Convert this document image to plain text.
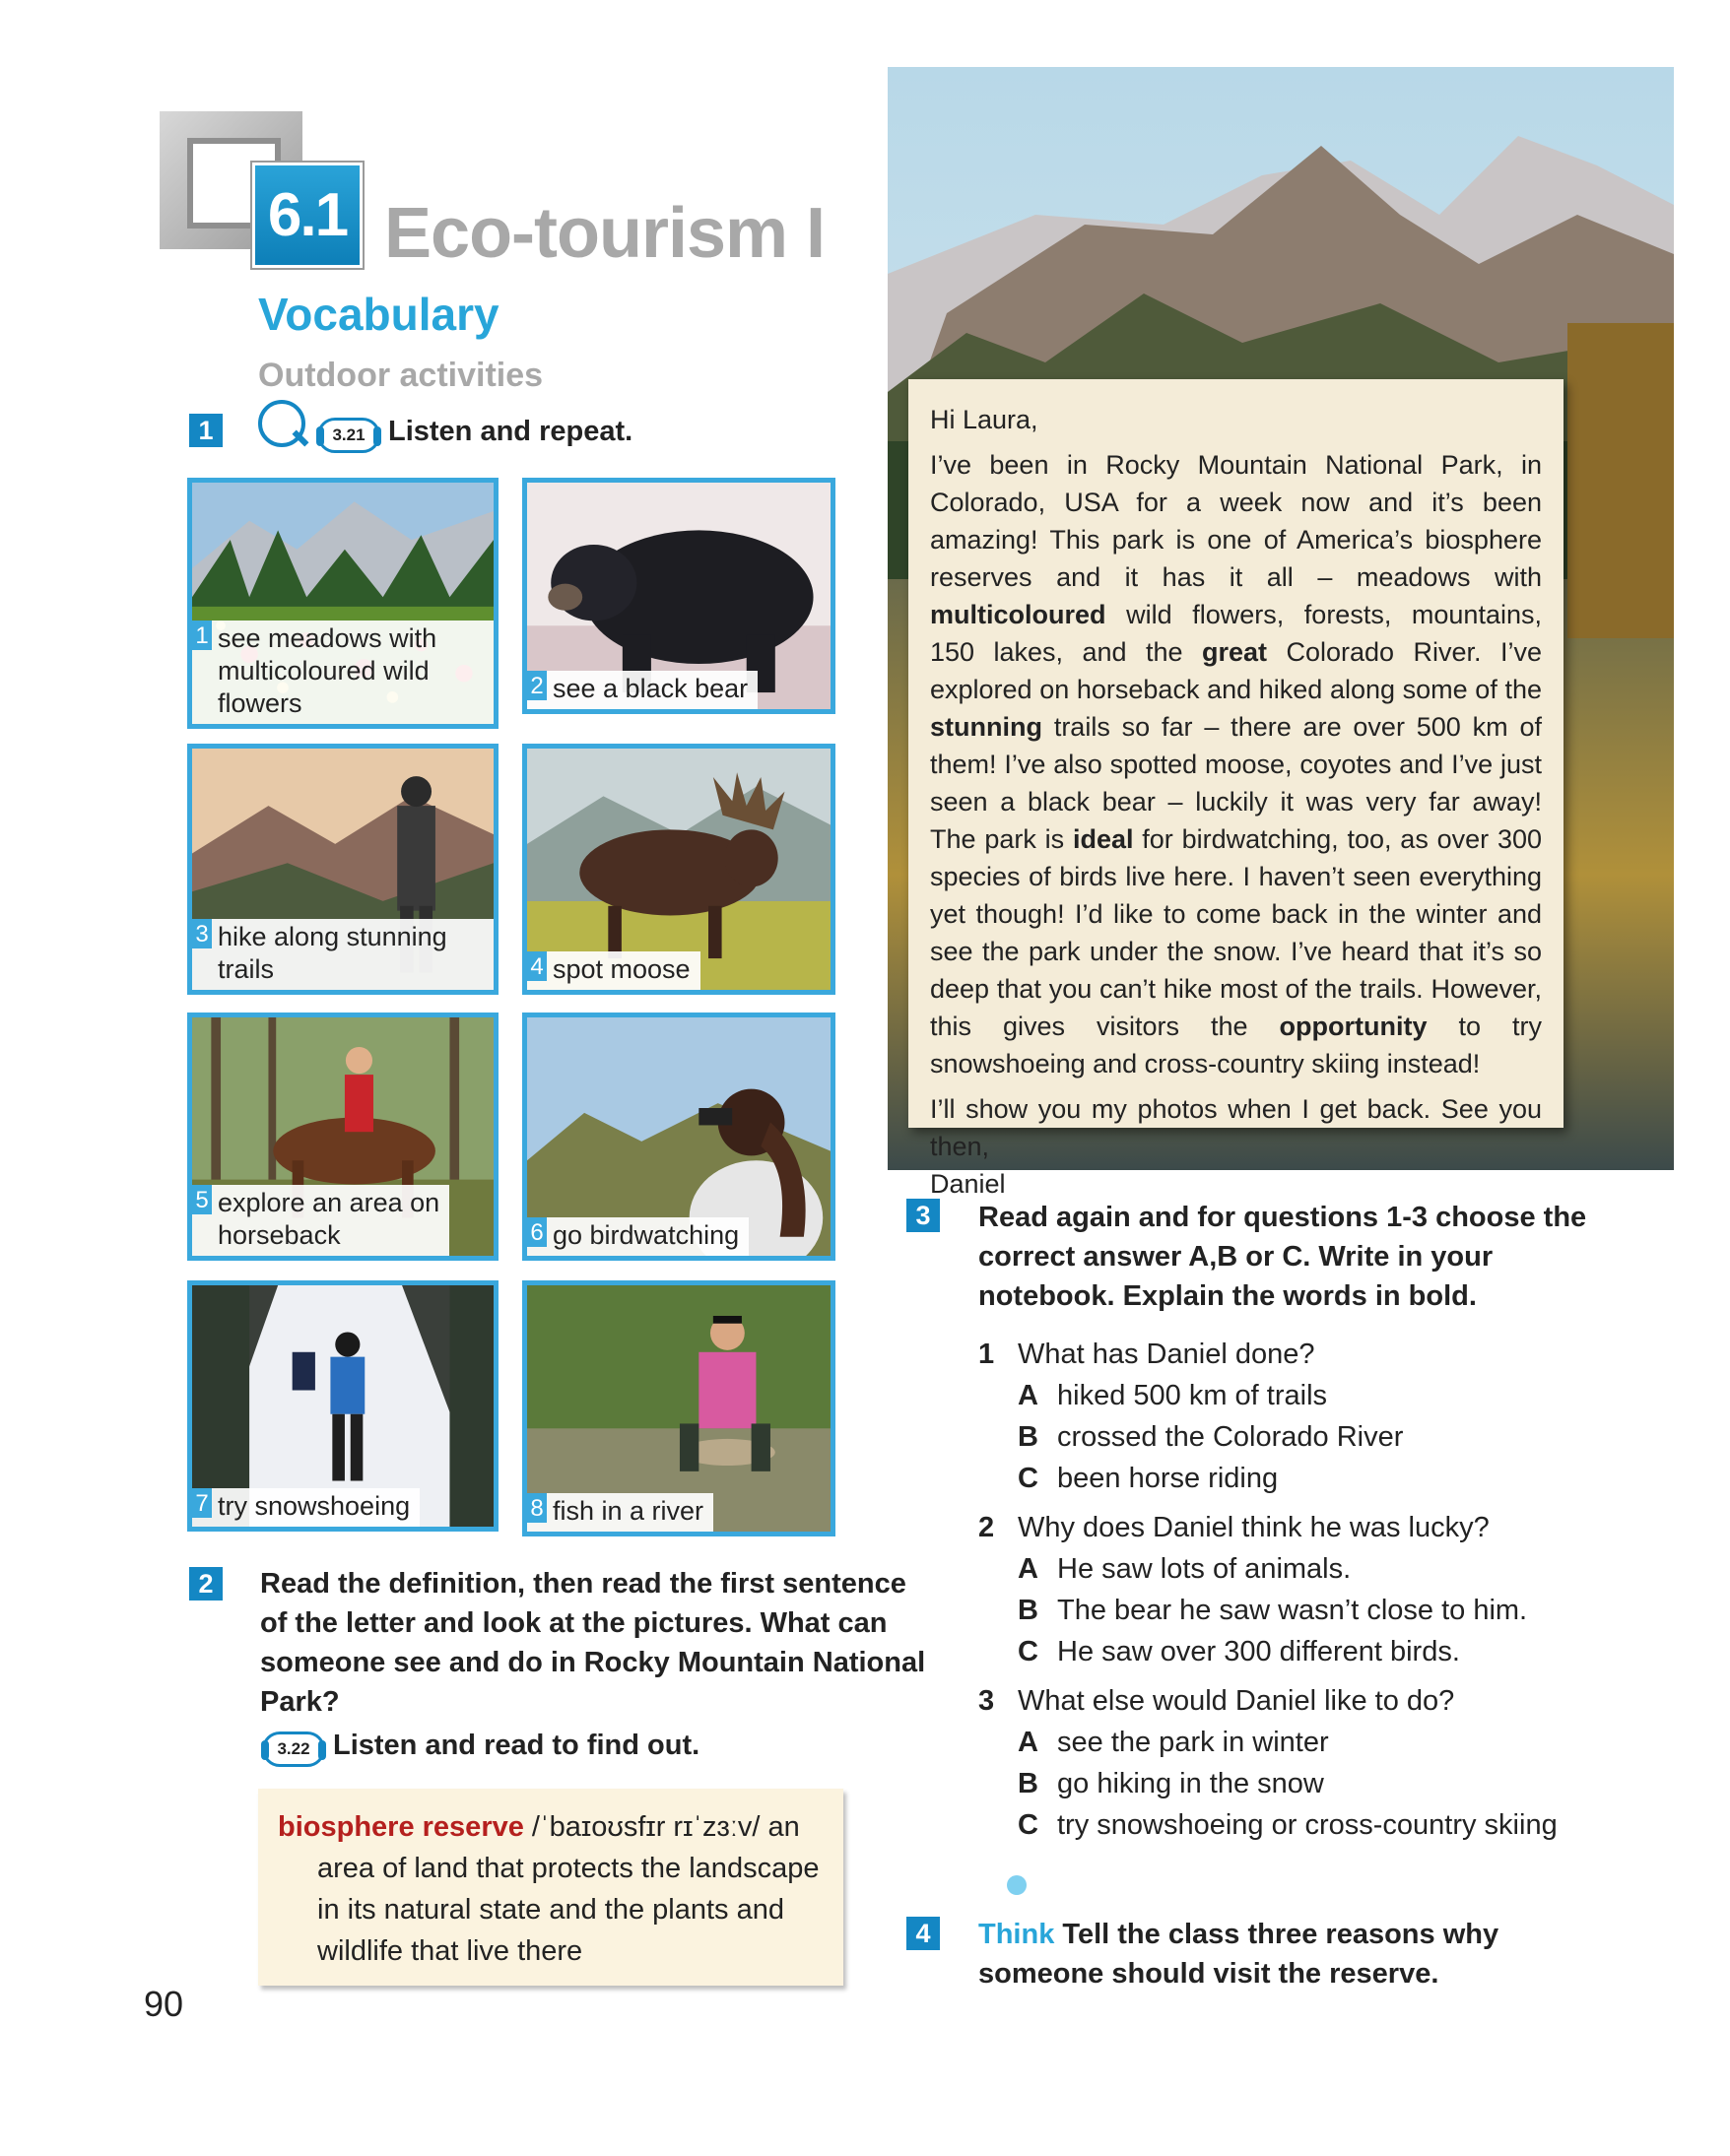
6.1 Eco-tourism I
Vocabulary
Outdoor activities
1	3.21 Listen and repeat.
1 see meadows with
multicoloured wild flowers
2 see a black bear
3 hike along stunning trails	4 spot moose
5 explore an area on
horseback	6 go birdwatching
7 try snowshoeing	8 fish in a river
2	Read the definition, then read the first sentence
of the letter and look at the pictures. What can
someone see and do in Rocky Mountain National
Park?
3.22 Listen and read to find out.
biosphere reserve /ˈbaɪoʊsfɪr rɪˈzɜːv/ an
area of land that protects the landscape
in its natural state and the plants and
wildlife that live there
90

Hi Laura,

I’ve been in Rocky Mountain National Park, in Colorado, USA for a week now and it’s been amazing! This park is one of America’s biosphere reserves and it has it all – meadows with multicoloured wild flowers, forests, mountains, 150 lakes, and the great Colorado River. I’ve explored on horseback and hiked along some of the stunning trails so far – there are over 500 km of them! I’ve also spotted moose, coyotes and I’ve just seen a black bear – luckily it was very far away! The park is ideal for birdwatching, too, as over 300 species of birds live here. I haven’t seen everything yet though! I’d like to come back in the winter and see the park under the snow. I’ve heard that it’s so deep that you can’t hike most of the trails. However, this gives visitors the opportunity to try snowshoeing and cross-country skiing instead!

I’ll show you my photos when I get back. See you then,

Daniel

3	Read again and for questions 1-3 choose the
correct answer A,B or C. Write in your
notebook. Explain the words in bold.
1 What has Daniel done?
A hiked 500 km of trails
B crossed the Colorado River
C been horse riding
2 Why does Daniel think he was lucky?
A He saw lots of animals.
B The bear he saw wasn’t close to him.
C He saw over 300 different birds.
3 What else would Daniel like to do?
A see the park in winter
B go hiking in the snow
C try snowshoeing or cross-country skiing
4	Think Tell the class three reasons why
someone should visit the reserve.
